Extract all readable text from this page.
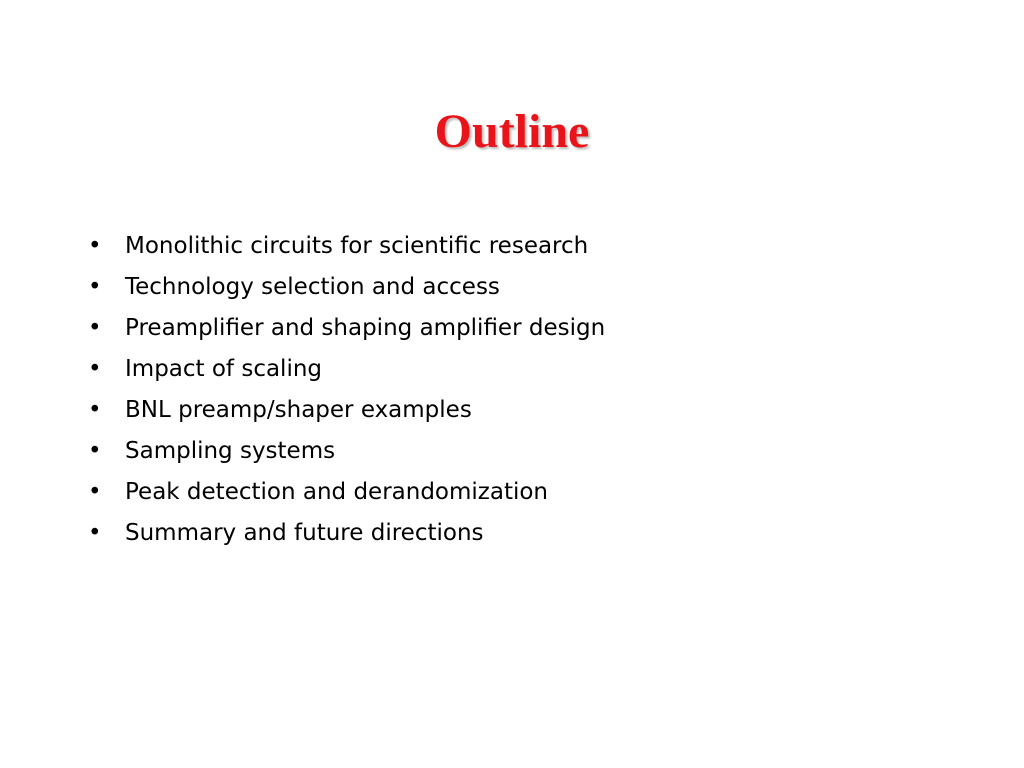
Outline
•	Monolithic circuits for scientific research
•	Technology selection and access
•	Preamplifier and shaping amplifier design
•	Impact of scaling
•	BNL preamp/shaper examples
•	Sampling systems
•	Peak detection and derandomization
•	Summary and future directions
